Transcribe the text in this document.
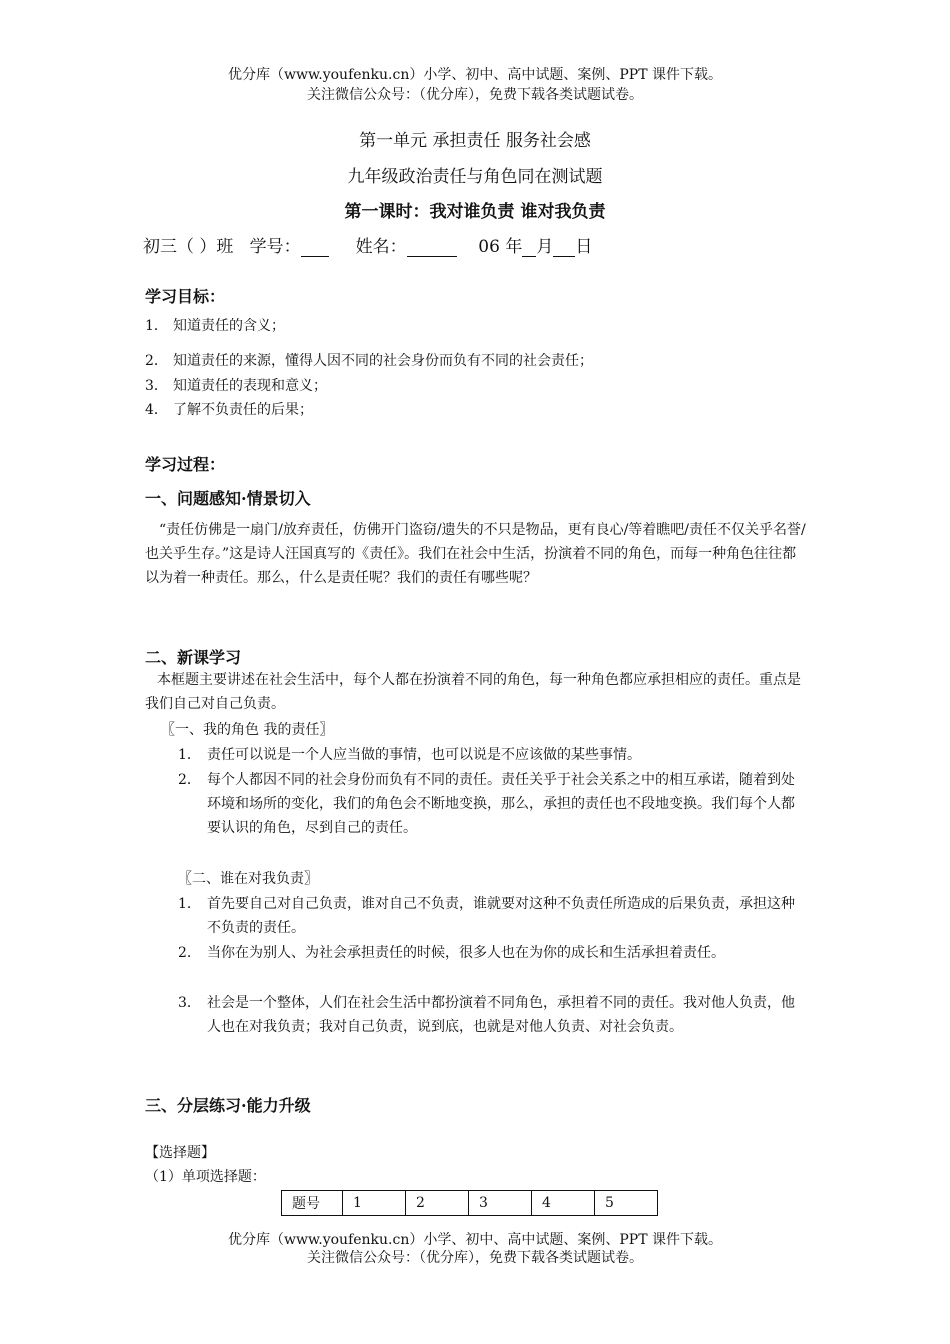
优分库（www.youfenku.cn）小学、初中、高中试题、案例、PPT 课件下载。
关注微信公众号：（优分库），免费下载各类试题试卷。
第一单元 承担责任 服务社会感
九年级政治责任与角色同在测试题
第一课时：我对谁负责 谁对我负责
初三（ ）班 学号：	姓名：	06 年 月 日
学习目标：
1． 知道责任的含义；
2． 知道责任的来源，懂得人因不同的社会身份而负有不同的社会责任；
3． 知道责任的表现和意义；
4． 了解不负责任的后果；
学习过程：
一、问题感知·情景切入
“责任仿佛是一扇门/放弃责任，仿佛开门盗窃/遗失的不只是物品，更有良心/等着瞧吧/责任不仅关乎名誉/也关乎生存。”这是诗人汪国真写的《责任》。我们在社会中生活，扮演着不同的角色，而每一种角色往往都以为着一种责任。那么，什么是责任呢？我们的责任有哪些呢？
二、新课学习
本框题主要讲述在社会生活中，每个人都在扮演着不同的角色，每一种角色都应承担相应的责任。重点是我们自己对自己负责。
〖一、我的角色 我的责任〗
1． 责任可以说是一个人应当做的事情，也可以说是不应该做的某些事情。
2． 每个人都因不同的社会身份而负有不同的责任。责任关乎于社会关系之中的相互承诺，随着到处环境和场所的变化，我们的角色会不断地变换，那么，承担的责任也不段地变换。我们每个人都要认识的角色，尽到自己的责任。
〖二、谁在对我负责〗
1． 首先要自己对自己负责，谁对自己不负责，谁就要对这种不负责任所造成的后果负责，承担这种不负责的责任。
2． 当你在为别人、为社会承担责任的时候，很多人也在为你的成长和生活承担着责任。
3． 社会是一个整体，人们在社会生活中都扮演着不同角色，承担着不同的责任。我对他人负责，他人也在对我负责；我对自己负责，说到底，也就是对他人负责、对社会负责。
三、分层练习·能力升级
【选择题】
（1）单项选择题：
题号	1	2	3	4	5
优分库（www.youfenku.cn）小学、初中、高中试题、案例、PPT 课件下载。
关注微信公众号：（优分库），免费下载各类试题试卷。
